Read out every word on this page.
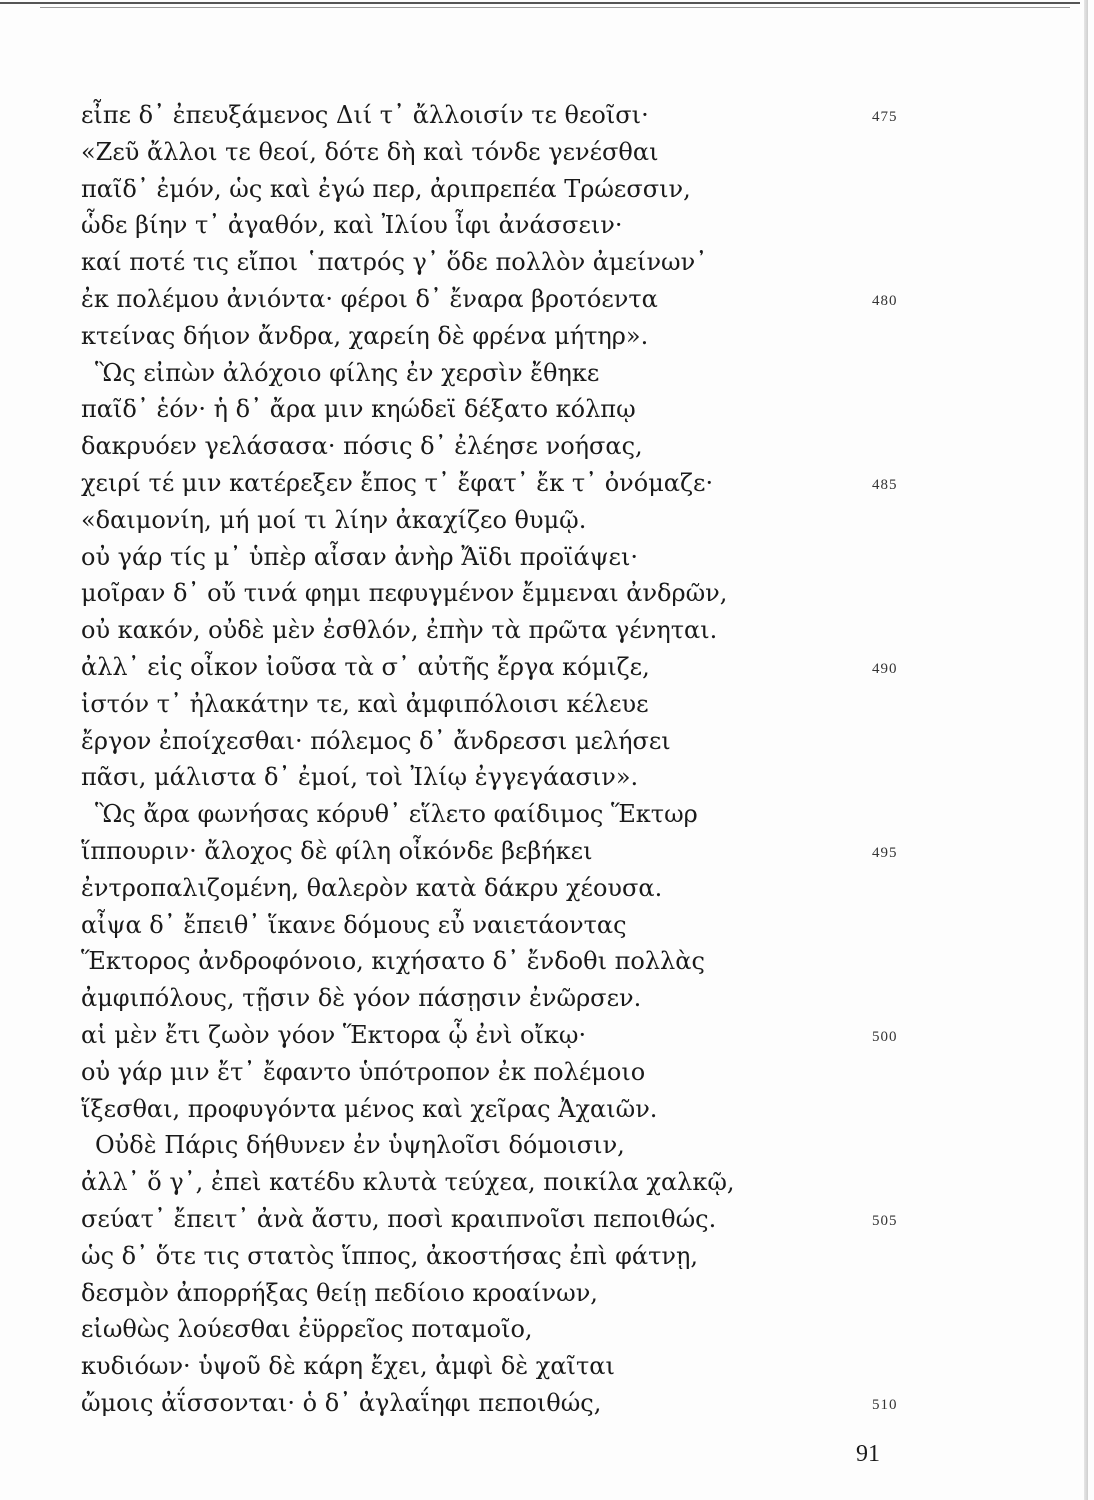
εἶπε δ᾽ ἐπευξάμενος Διί τ᾽ ἄλλοισίν τε θεοῖσι·	475
«Ζεῦ ἄλλοι τε θεοί, δότε δὴ καὶ τόνδε γενέσθαι
παῖδ᾽ ἐμόν, ὡς καὶ ἐγώ περ, ἀριπρεπέα Τρώεσσιν,
ὧδε βίην τ᾽ ἀγαθόν, καὶ Ἰλίου ἶφι ἀνάσσειν·
καί ποτέ τις εἴποι ῾πατρός γ᾽ ὅδε πολλὸν ἀμείνων᾽
ἐκ πολέμου ἀνιόντα· φέροι δ᾽ ἔναρα βροτόεντα	480
κτείνας δήιον ἄνδρα, χαρείη δὲ φρένα μήτηρ».
Ὣς εἰπὼν ἀλόχοιο φίλης ἐν χερσὶν ἔθηκε
παῖδ᾽ ἑόν· ἡ δ᾽ ἄρα μιν κηώδεϊ δέξατο κόλπῳ
δακρυόεν γελάσασα· πόσις δ᾽ ἐλέησε νοήσας,
χειρί τέ μιν κατέρεξεν ἔπος τ᾽ ἔφατ᾽ ἔκ τ᾽ ὀνόμαζε·	485
«δαιμονίη, μή μοί τι λίην ἀκαχίζεο θυμῷ.
οὐ γάρ τίς μ᾽ ὑπὲρ αἶσαν ἀνὴρ Ἄϊδι προϊάψει·
μοῖραν δ᾽ οὔ τινά φημι πεφυγμένον ἔμμεναι ἀνδρῶν,
οὐ κακόν, οὐδὲ μὲν ἐσθλόν, ἐπὴν τὰ πρῶτα γένηται.
ἀλλ᾽ εἰς οἶκον ἰοῦσα τὰ σ᾽ αὐτῆς ἔργα κόμιζε,	490
ἱστόν τ᾽ ἠλακάτην τε, καὶ ἀμφιπόλοισι κέλευε
ἔργον ἐποίχεσθαι· πόλεμος δ᾽ ἄνδρεσσι μελήσει
πᾶσι, μάλιστα δ᾽ ἐμοί, τοὶ Ἰλίῳ ἐγγεγάασιν».
Ὣς ἄρα φωνήσας κόρυθ᾽ εἵλετο φαίδιμος Ἕκτωρ
ἵππουριν· ἄλοχος δὲ φίλη οἶκόνδε βεβήκει	495
ἐντροπαλιζομένη, θαλερὸν κατὰ δάκρυ χέουσα.
αἶψα δ᾽ ἔπειθ᾽ ἵκανε δόμους εὖ ναιετάοντας
Ἕκτορος ἀνδροφόνοιο, κιχήσατο δ᾽ ἔνδοθι πολλὰς
ἀμφιπόλους, τῇσιν δὲ γόον πάσῃσιν ἐνῶρσεν.
αἱ μὲν ἔτι ζωὸν γόον Ἕκτορα ᾧ ἐνὶ οἴκῳ·	500
οὐ γάρ μιν ἔτ᾽ ἔφαντο ὑπότροπον ἐκ πολέμοιο
ἵξεσθαι, προφυγόντα μένος καὶ χεῖρας Ἀχαιῶν.
Οὐδὲ Πάρις δήθυνεν ἐν ὑψηλοῖσι δόμοισιν,
ἀλλ᾽ ὅ γ᾽, ἐπεὶ κατέδυ κλυτὰ τεύχεα, ποικίλα χαλκῷ,
σεύατ᾽ ἔπειτ᾽ ἀνὰ ἄστυ, ποσὶ κραιπνοῖσι πεποιθώς.	505
ὡς δ᾽ ὅτε τις στατὸς ἵππος, ἀκοστήσας ἐπὶ φάτνῃ,
δεσμὸν ἀπορρήξας θείῃ πεδίοιο κροαίνων,
εἰωθὼς λούεσθαι ἐϋρρεῖος ποταμοῖο,
κυδιόων· ὑψοῦ δὲ κάρη ἔχει, ἀμφὶ δὲ χαῖται
ὤμοις ἀΐσσονται· ὁ δ᾽ ἀγλαΐηφι πεποιθώς,	510
91
